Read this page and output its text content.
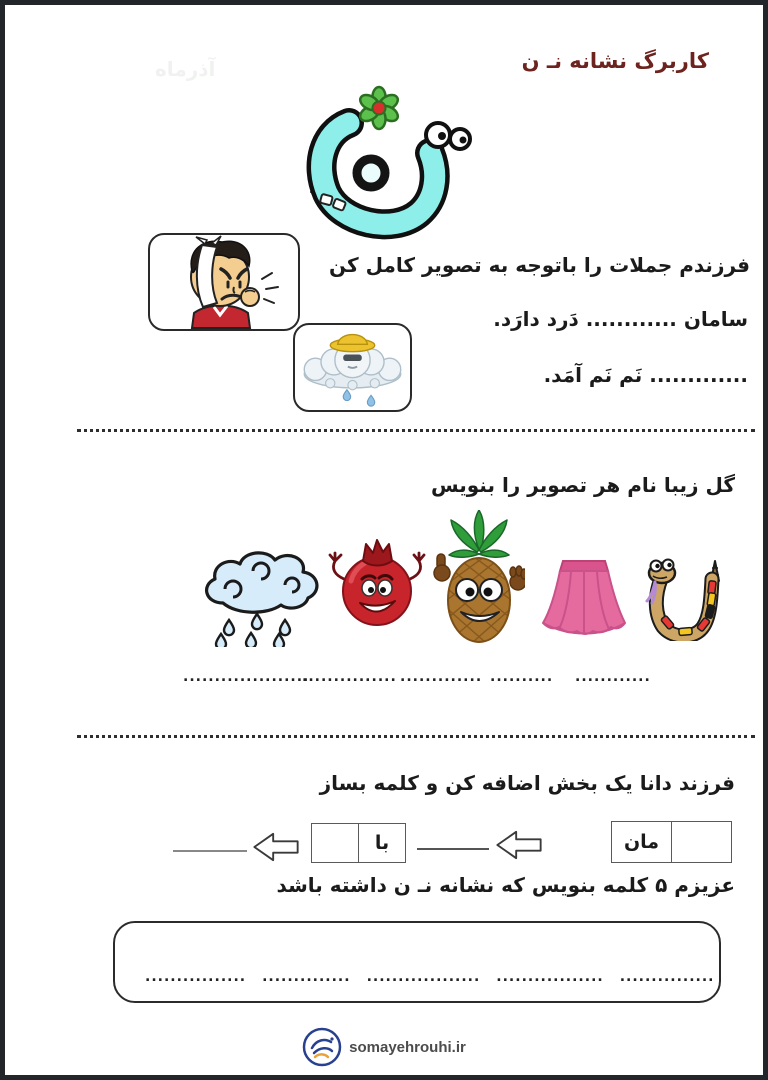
آذرماه	کاربرگ نشانه نـ ن
فرزندم جملات را باتوجه به تصویر کامل کن
سامان ............ دَرد دارَد.
............. نَم نَم آمَد.
گل زیبا نام هر تصویر را بنویس
....................
............... ............. .......... ............
فرزند دانا یک بخش اضافه کن و کلمه بساز
مان
با
عزیزم ۵ کلمه بنویس که نشانه نـ ن داشته باشد
................ .............. .................. ................. ...............
somayehrouhi.ir
